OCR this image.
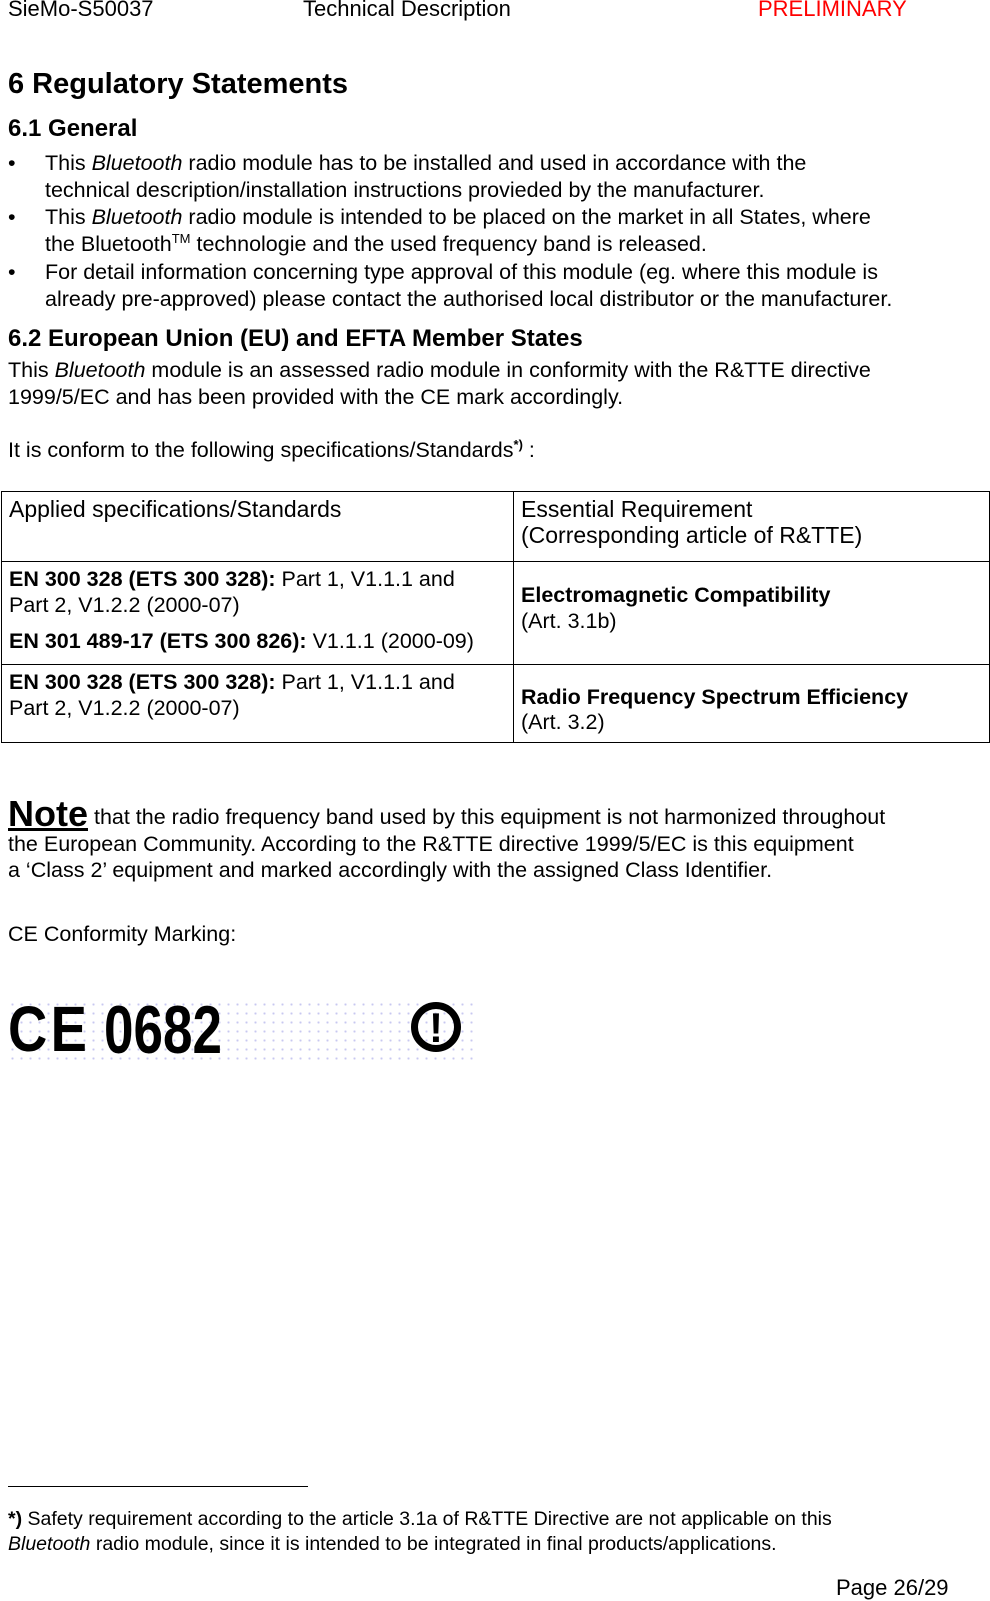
SieMo-S50037	Technical Description	PRELIMINARY
6 Regulatory Statements
6.1 General
• This Bluetooth radio module has to be installed and used in accordance with the
technical description/installation instructions provieded by the manufacturer.
• This Bluetooth radio module is intended to be placed on the market in all States, where
the Bluetooth™ technologie and the used frequency band is released.
• For detail information concerning type approval of this module (eg. where this module is
already pre-approved) please contact the authorised local distributor or the manufacturer.
6.2 European Union (EU) and EFTA Member States
This Bluetooth module is an assessed radio module in conformity with the R&TTE directive
1999/5/EC and has been provided with the CE mark accordingly.
It is conform to the following specifications/Standards*) :
Applied specifications/Standards	Essential Requirement
(Corresponding article of R&TTE)
EN 300 328 (ETS 300 328): Part 1, V1.1.1 and
Part 2, V1.2.2 (2000-07)
EN 301 489-17 (ETS 300 826): V1.1.1 (2000-09)	Electromagnetic Compatibility
(Art. 3.1b)
EN 300 328 (ETS 300 328): Part 1, V1.1.1 and
Part 2, V1.2.2 (2000-07)	Radio Frequency Spectrum Efficiency
(Art. 3.2)
Note that the radio frequency band used by this equipment is not harmonized throughout
the European Community. According to the R&TTE directive 1999/5/EC is this equipment
a ‘Class 2’ equipment and marked accordingly with the assigned Class Identifier.
CE Conformity Marking:
CE 0682	!
*) Safety requirement according to the article 3.1a of R&TTE Directive are not applicable on this
Bluetooth radio module, since it is intended to be integrated in final products/applications.
Page 26/29
